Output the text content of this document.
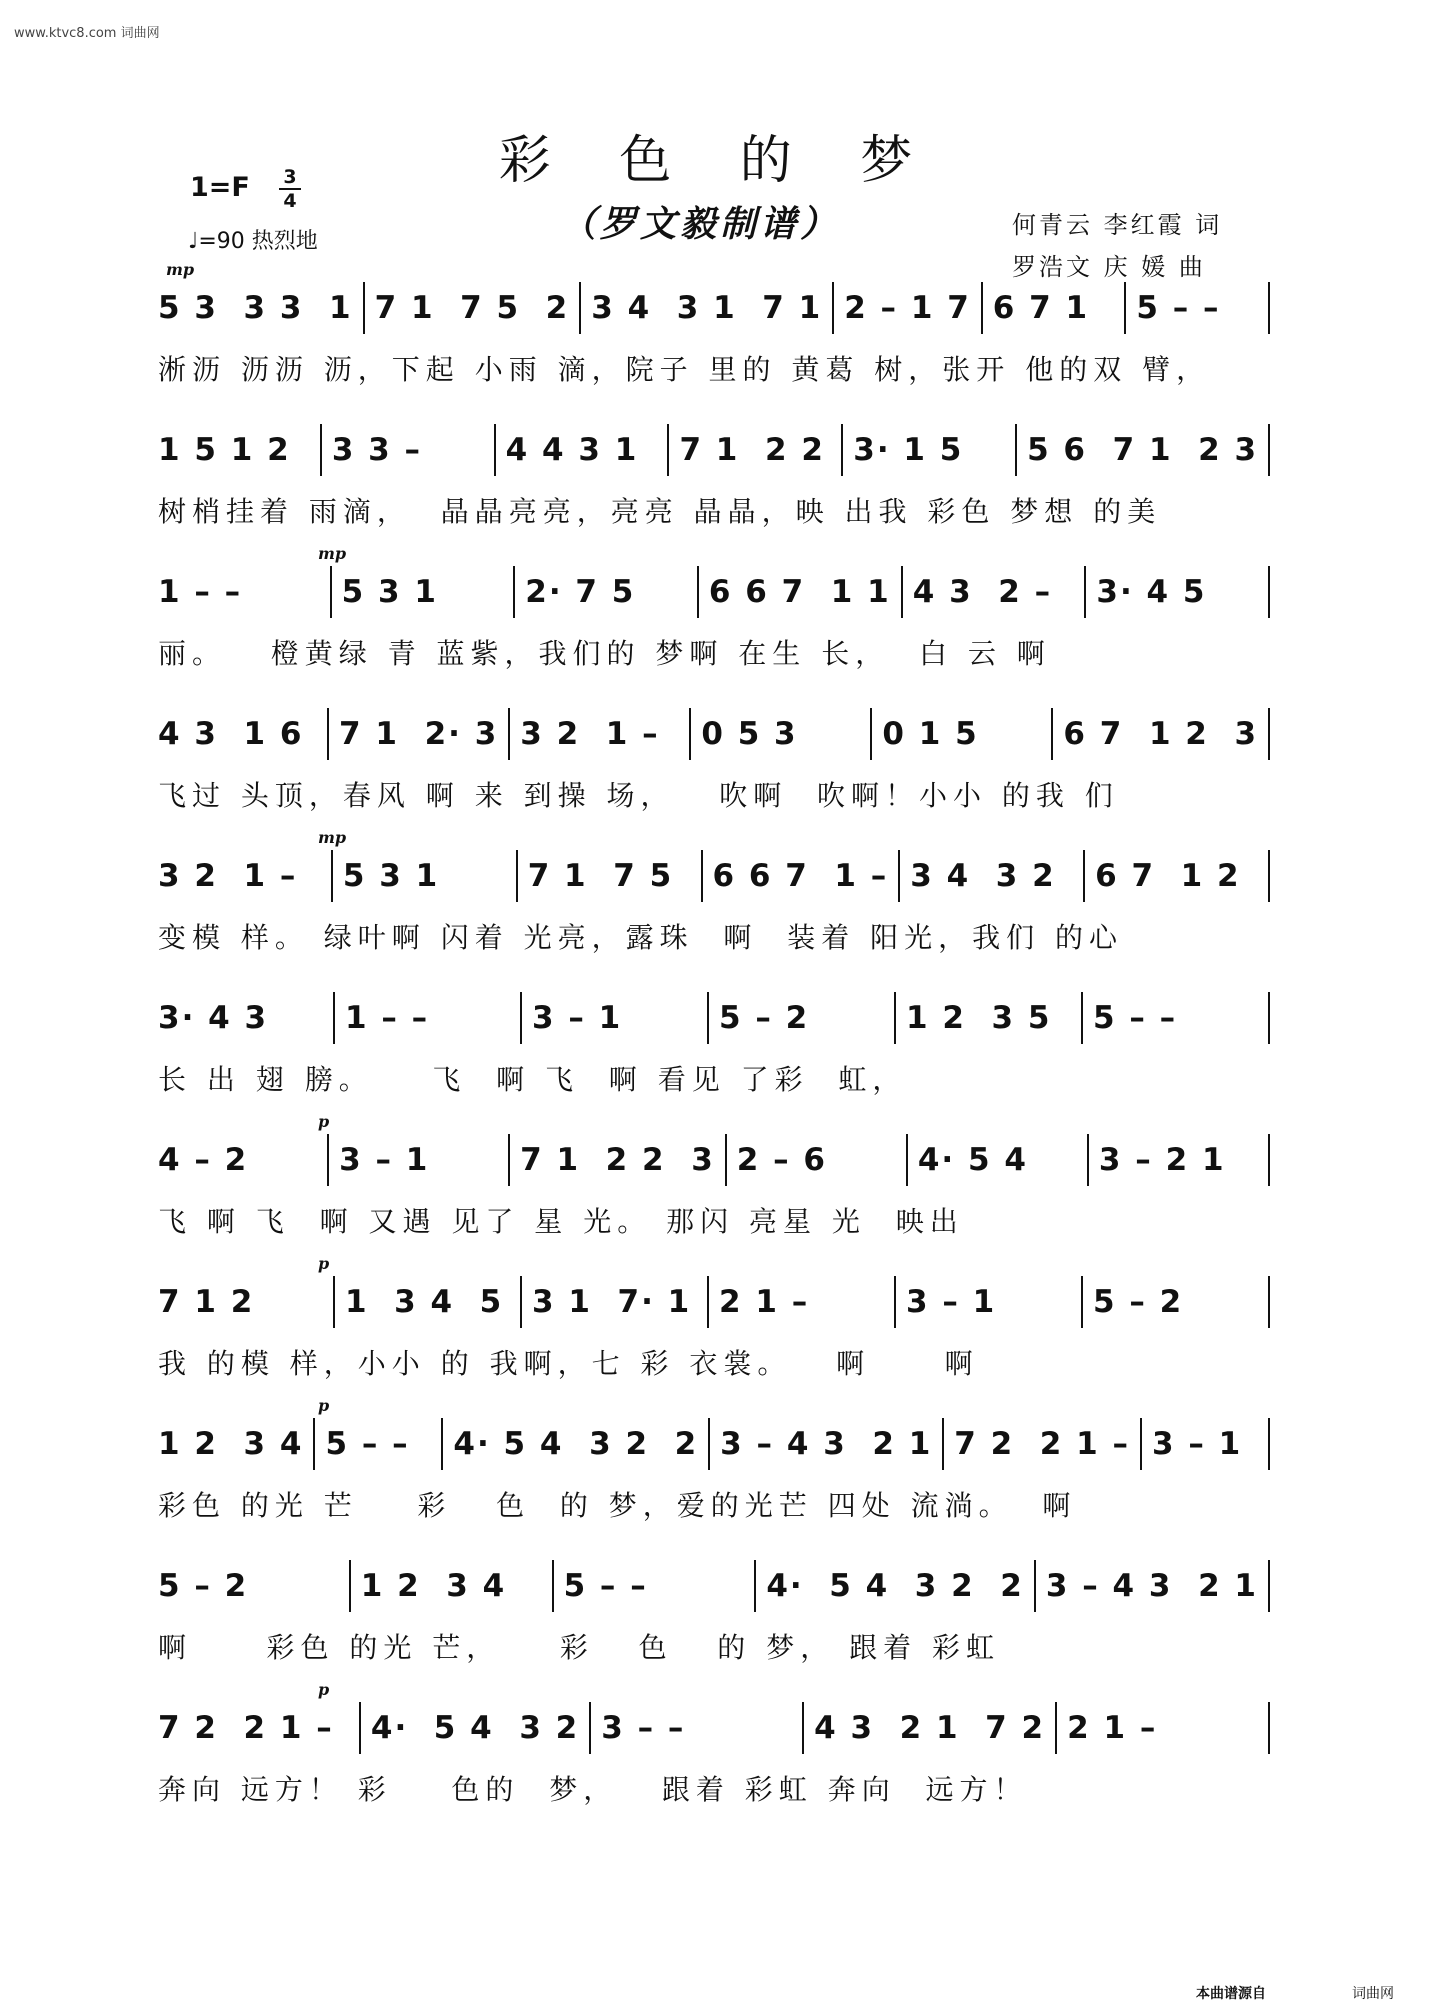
www.ktvc8.com 词曲网
彩 色 的 梦
（罗文毅制谱）
1=F	3
4
♩=90 热烈地
何青云 李红霞 词
罗浩文 庆 媛 曲
mp
5 3  3 3  1 7 1  7 5  2 3 4  3 1  7 1 2 – 1 7 6 7 1	5 – –
淅沥 沥沥 沥，下起 小雨 滴，院子 里的 黄葛 树，张开 他的双 臂，
1 5 1 2	3 3 –	4 4 3 1	7 1  2 2 3· 1 5	5 6  7 1  2 3
树梢挂着 雨滴，  晶晶亮亮，亮亮 晶晶，映 出我 彩色 梦想 的美
mp
1 – –	5 3 1	2· 7 5	6 6 7  1 1 4 3  2 –	3· 4 5
丽。   橙黄绿 青 蓝紫，我们的 梦啊 在生 长，  白 云 啊
4 3  1 6	7 1  2· 3 3 2  1 –	0 5 3	0 1 5	6 7  1 2  3
飞过 头顶，春风 啊 来 到操 场，   吹啊  吹啊！小小 的我 们
mp
3 2  1 –	5 3 1	7 1  7 5	6 6 7  1 – 3 4  3 2	6 7  1 2
变模 样。 绿叶啊 闪着 光亮，露珠  啊  装着 阳光，我们 的心
3· 4 3	1 – –	3 – 1	5 – 2	1 2  3 5	5 – –
长 出 翅 膀。    飞  啊 飞  啊 看见 了彩  虹，
p
4 – 2	3 – 1	7 1  2 2  3 2 – 6	4· 5 4	3 – 2 1
飞 啊 飞  啊 又遇 见了 星 光。 那闪 亮星 光  映出
p
7 1 2	1  3 4  5 3 1  7· 1 2 1 –	3 – 1	5 – 2
我 的模 样，小小 的 我啊，七 彩 衣裳。   啊     啊
p
1 2  3 4 5 – –	4· 5 4  3 2  2 3 – 4 3  2 1 7 2  2 1 – 3 – 1
彩色 的光 芒    彩   色  的 梦，爱的光芒 四处 流淌。  啊
5 – 2	1 2  3 4	5 – –	4·  5 4  3 2  2 3 – 4 3  2 1
啊     彩色 的光 芒，    彩   色   的 梦， 跟着 彩虹
p
7 2  2 1 –	4·  5 4  3 2 3 – –	4 3  2 1  7 2 2 1 –
奔向 远方！ 彩    色的  梦，   跟着 彩虹 奔向  远方！
本曲谱源自	词曲网
